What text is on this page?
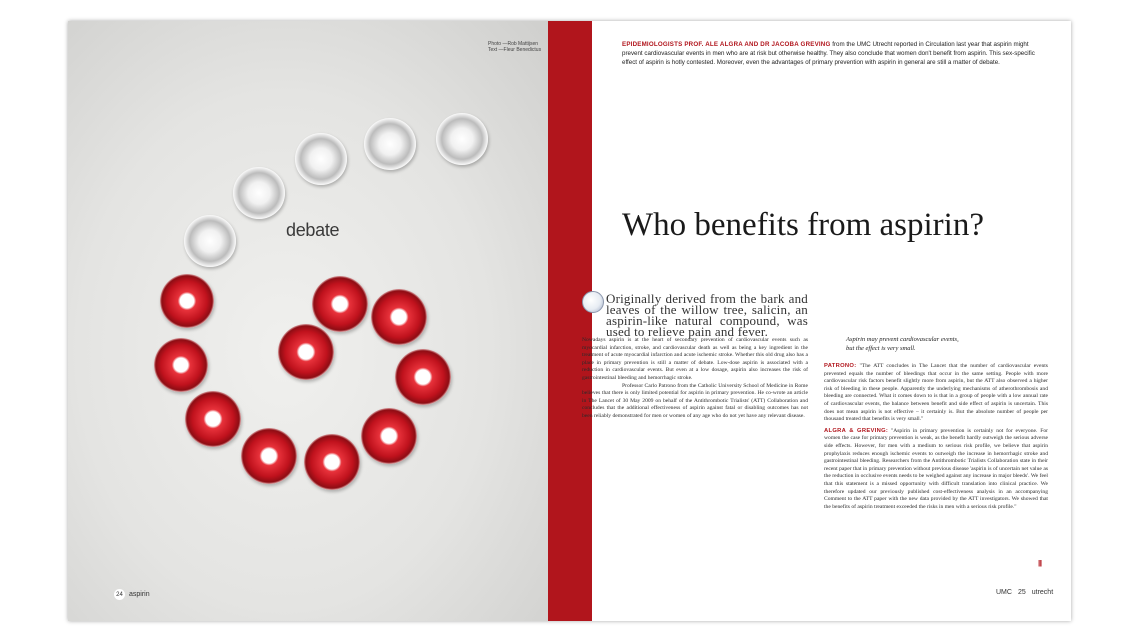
Photo —Rob Mattijsen
Text —Fleur Benedictus
debate
24 aspirin
EPIDEMIOLOGISTS PROF. ALE ALGRA AND DR JACOBA GREVING from the UMC Utrecht reported in Circulation last year that aspirin might prevent cardiovascular events in men who are at risk but otherwise healthy. They also conclude that women don't benefit from aspirin. This sex-specific effect of aspirin is hotly contested. Moreover, even the advantages of primary prevention with aspirin in general are still a matter of debate.
Who benefits from aspirin?
Originally derived from the bark and leaves of the willow tree, salicin, an aspirin-like natural compound, was used to relieve pain and fever.

Nowadays aspirin is at the heart of secondary prevention of cardiovascular events such as myocardial infarction, stroke, and cardiovascular death as well as being a key ingredient in the treatment of acute myocardial infarction and acute ischemic stroke. Whether this old drug also has a place in primary prevention is still a matter of debate. Low-dose aspirin is associated with a reduction in cardiovascular events. But even at a low dosage, aspirin also increases the risk of gastrointestinal bleeding and hemorrhagic stroke.

Professor Carlo Patrono from the Catholic University School of Medicine in Rome believes that there is only limited potential for aspirin in primary prevention. He co-wrote an article in The Lancet of 30 May 2009 on behalf of the Antithrombotic Trialists' (ATT) Collaboration and concludes that the additional effectiveness of aspirin against fatal or disabling outcomes has not been reliably demonstrated for men or women of any age who do not yet have any relevant disease.

Aspirin may prevent cardiovascular events,
but the effect is very small.

PATRONO: "The ATT concludes in The Lancet that the number of cardiovascular events prevented equals the number of bleedings that occur in the same setting. People with more cardiovascular risk factors benefit slightly more from aspirin, but the ATT also observed a higher risk of bleeding in these people. Apparently the underlying mechanisms of atherothrombosis and bleeding are connected. What it comes down to is that in a group of people with a low annual rate of cardiovascular events, the balance between benefit and side effect of aspirin is uncertain. This does not mean aspirin is not effective – it certainly is. But the absolute number of people per thousand treated that benefits is very small."

ALGRA & GREVING: "Aspirin in primary prevention is certainly not for everyone. For women the case for primary prevention is weak, as the benefit hardly outweigh the serious adverse side effects. However, for men with a medium to serious risk profile, we believe that aspirin prophylaxis reduces enough ischemic events to outweigh the increase in hemorrhagic stroke and gastrointestinal bleeding. Researchers from the Antithrombotic Trialists Collaboration state in their recent paper that in primary prevention without previous disease 'aspirin is of uncertain net value as the reduction in occlusive events needs to be weighed against any increase in major bleeds'. We feel that this statement is a missed opportunity with difficult translation into clinical practice. We therefore updated our previously published cost-effectiveness analysis in an accompanying Comment to the ATT paper with the new data provided by the ATT investigators. We showed that the benefits of aspirin treatment exceeded the risks in men with a serious risk profile."

||||||||
UMC 25 utrecht
